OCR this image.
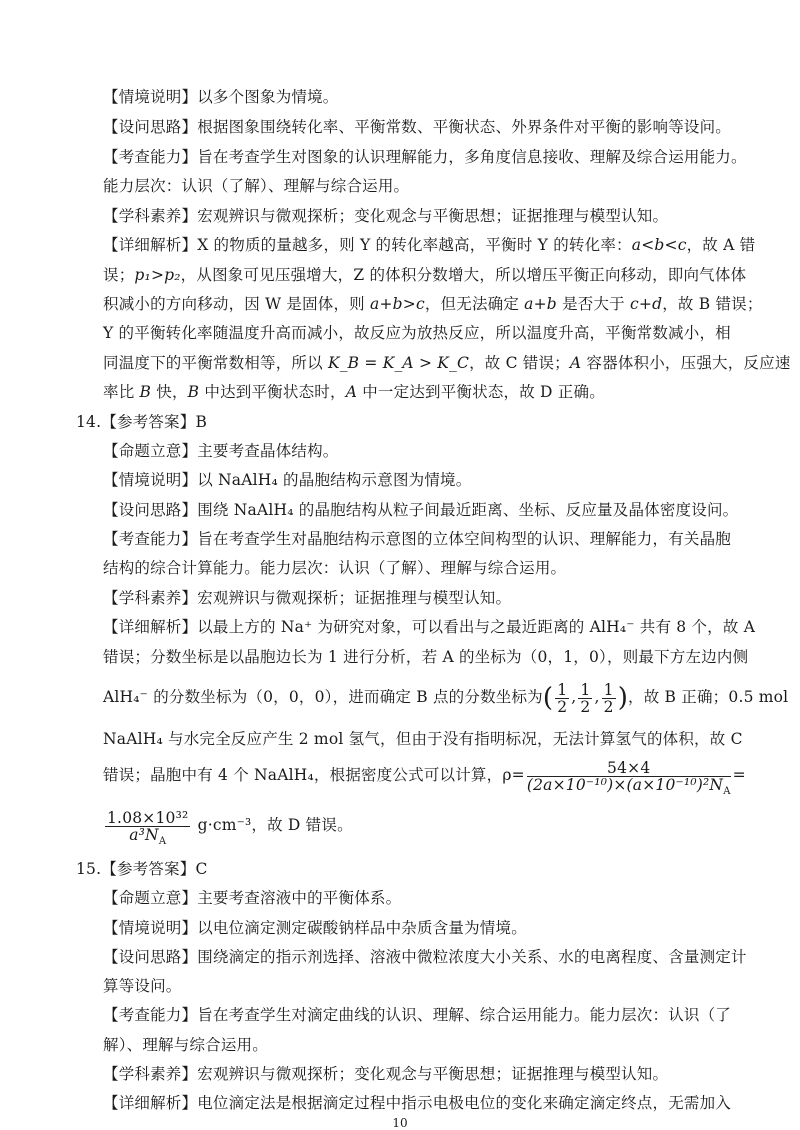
【情境说明】以多个图象为情境。
【设问思路】根据图象围绕转化率、平衡常数、平衡状态、外界条件对平衡的影响等设问。
【考查能力】旨在考查学生对图象的认识理解能力，多角度信息接收、理解及综合运用能力。
能力层次：认识（了解）、理解与综合运用。
【学科素养】宏观辨识与微观探析；变化观念与平衡思想；证据推理与模型认知。
【详细解析】X 的物质的量越多，则 Y 的转化率越高，平衡时 Y 的转化率：a<b<c，故 A 错
误；p₁>p₂，从图象可见压强增大，Z 的体积分数增大，所以增压平衡正向移动，即向气体体
积减小的方向移动，因 W 是固体，则 a+b>c，但无法确定 a+b 是否大于 c+d，故 B 错误；
Y 的平衡转化率随温度升高而减小，故反应为放热反应，所以温度升高，平衡常数减小，相
同温度下的平衡常数相等，所以 K_B = K_A > K_C，故 C 错误；A 容器体积小，压强大，反应速
率比 B 快，B 中达到平衡状态时，A 中一定达到平衡状态，故 D 正确。
14.【参考答案】B
【命题立意】主要考查晶体结构。
【情境说明】以 NaAlH₄ 的晶胞结构示意图为情境。
【设问思路】围绕 NaAlH₄ 的晶胞结构从粒子间最近距离、坐标、反应量及晶体密度设问。
【考查能力】旨在考查学生对晶胞结构示意图的立体空间构型的认识、理解能力，有关晶胞
结构的综合计算能力。能力层次：认识（了解）、理解与综合运用。
【学科素养】宏观辨识与微观探析；证据推理与模型认知。
【详细解析】以最上方的 Na⁺ 为研究对象，可以看出与之最近距离的 AlH₄⁻ 共有 8 个，故 A
错误；分数坐标是以晶胞边长为 1 进行分析，若 A 的坐标为（0，1，0），则最下方左边内侧
AlH₄⁻ 的分数坐标为（0，0，0），进而确定 B 点的分数坐标为( $\frac{1}{2}$ , $\frac{1}{2}$ , $\frac{1}{2}$ )，故 B 正确；0.5 mol
NaAlH₄ 与水完全反应产生 2 mol 氢气，但由于没有指明标况，无法计算氢气的体积，故 C
错误；晶胞中有 4 个 NaAlH₄，根据密度公式可以计算，$\rho= \frac{54\times 4}{(2a\times 10^{-10})\times(a\times 10^{-10})^2N_A}$ =
$\frac{\text{1.08×10³²}}{a^3N_A} g\cdot cm^{-3}$，故 D 错误。
15.【参考答案】C
【命题立意】主要考查溶液中的平衡体系。
【情境说明】以电位滴定测定碳酸钠样品中杂质含量为情境。
【设问思路】围绕滴定的指示剂选择、溶液中微粒浓度大小关系、水的电离程度、含量测定计
算等设问。
【考查能力】旨在考查学生对滴定曲线的认识、理解、综合运用能力。能力层次：认识（了
解）、理解与综合运用。
【学科素养】宏观辨识与微观探析；变化观念与平衡思想；证据推理与模型认知。
【详细解析】电位滴定法是根据滴定过程中指示电极电位的变化来确定滴定终点，无需加入
10
